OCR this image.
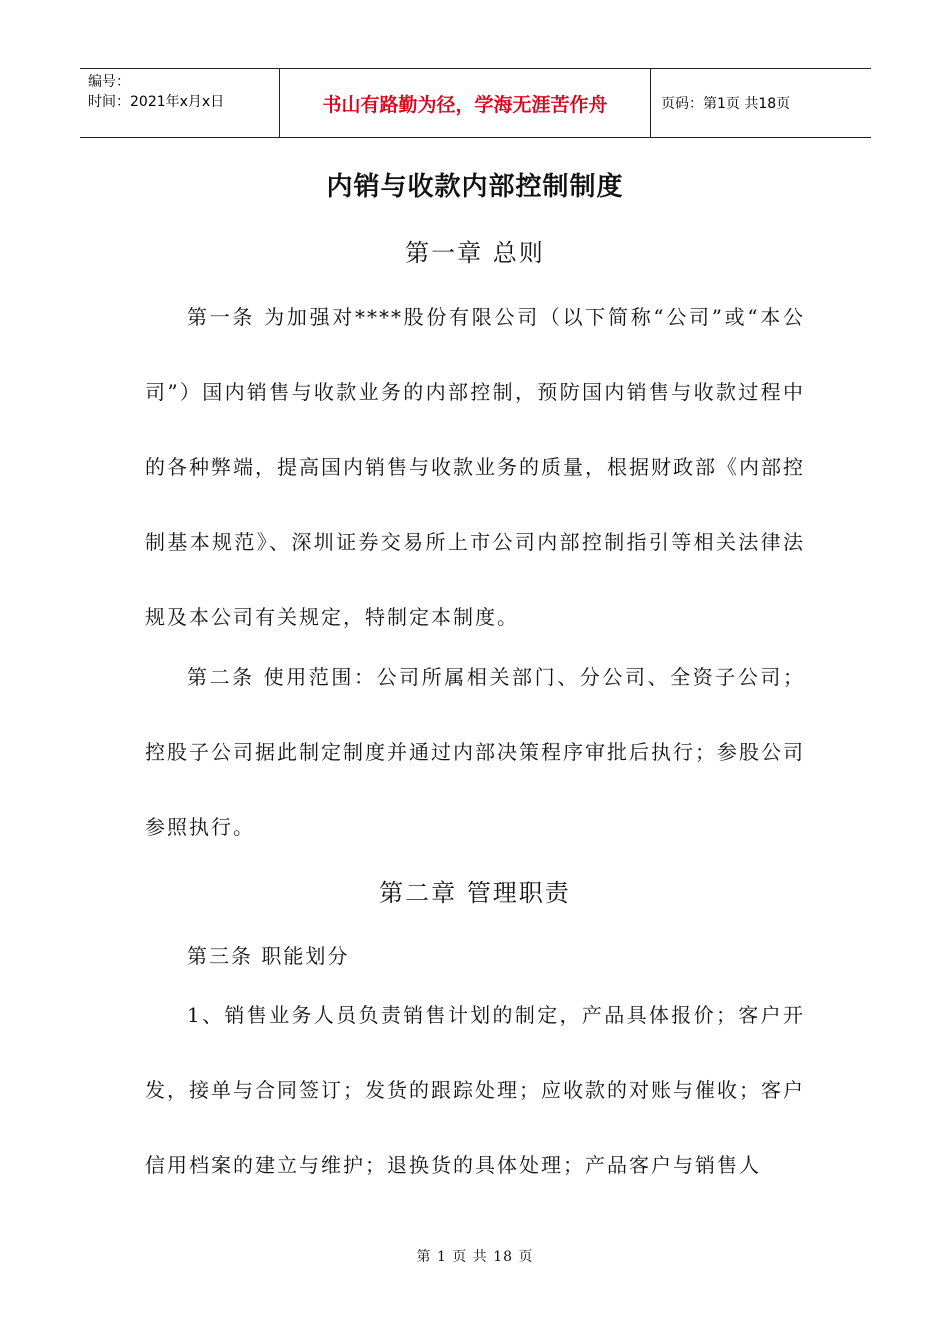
编号：
时间：2021年x月x日	书山有路勤为径，学海无涯苦作舟	页码：第1页 共18页
内销与收款内部控制制度
第一章 总则

第一条 为加强对****股份有限公司（以下简称“公司”或“本公司”）国内销售与收款业务的内部控制，预防国内销售与收款过程中的各种弊端，提高国内销售与收款业务的质量，根据财政部《内部控制基本规范》、深圳证券交易所上市公司内部控制指引等相关法律法规及本公司有关规定，特制定本制度。

第二条 使用范围：公司所属相关部门、分公司、全资子公司；控股子公司据此制定制度并通过内部决策程序审批后执行；参股公司参照执行。

第二章 管理职责
第三条 职能划分

1、销售业务人员负责销售计划的制定，产品具体报价；客户开发，接单与合同签订；发货的跟踪处理；应收款的对账与催收；客户信用档案的建立与维护；退换货的具体处理；产品客户与销售人

第 1 页 共 18 页
